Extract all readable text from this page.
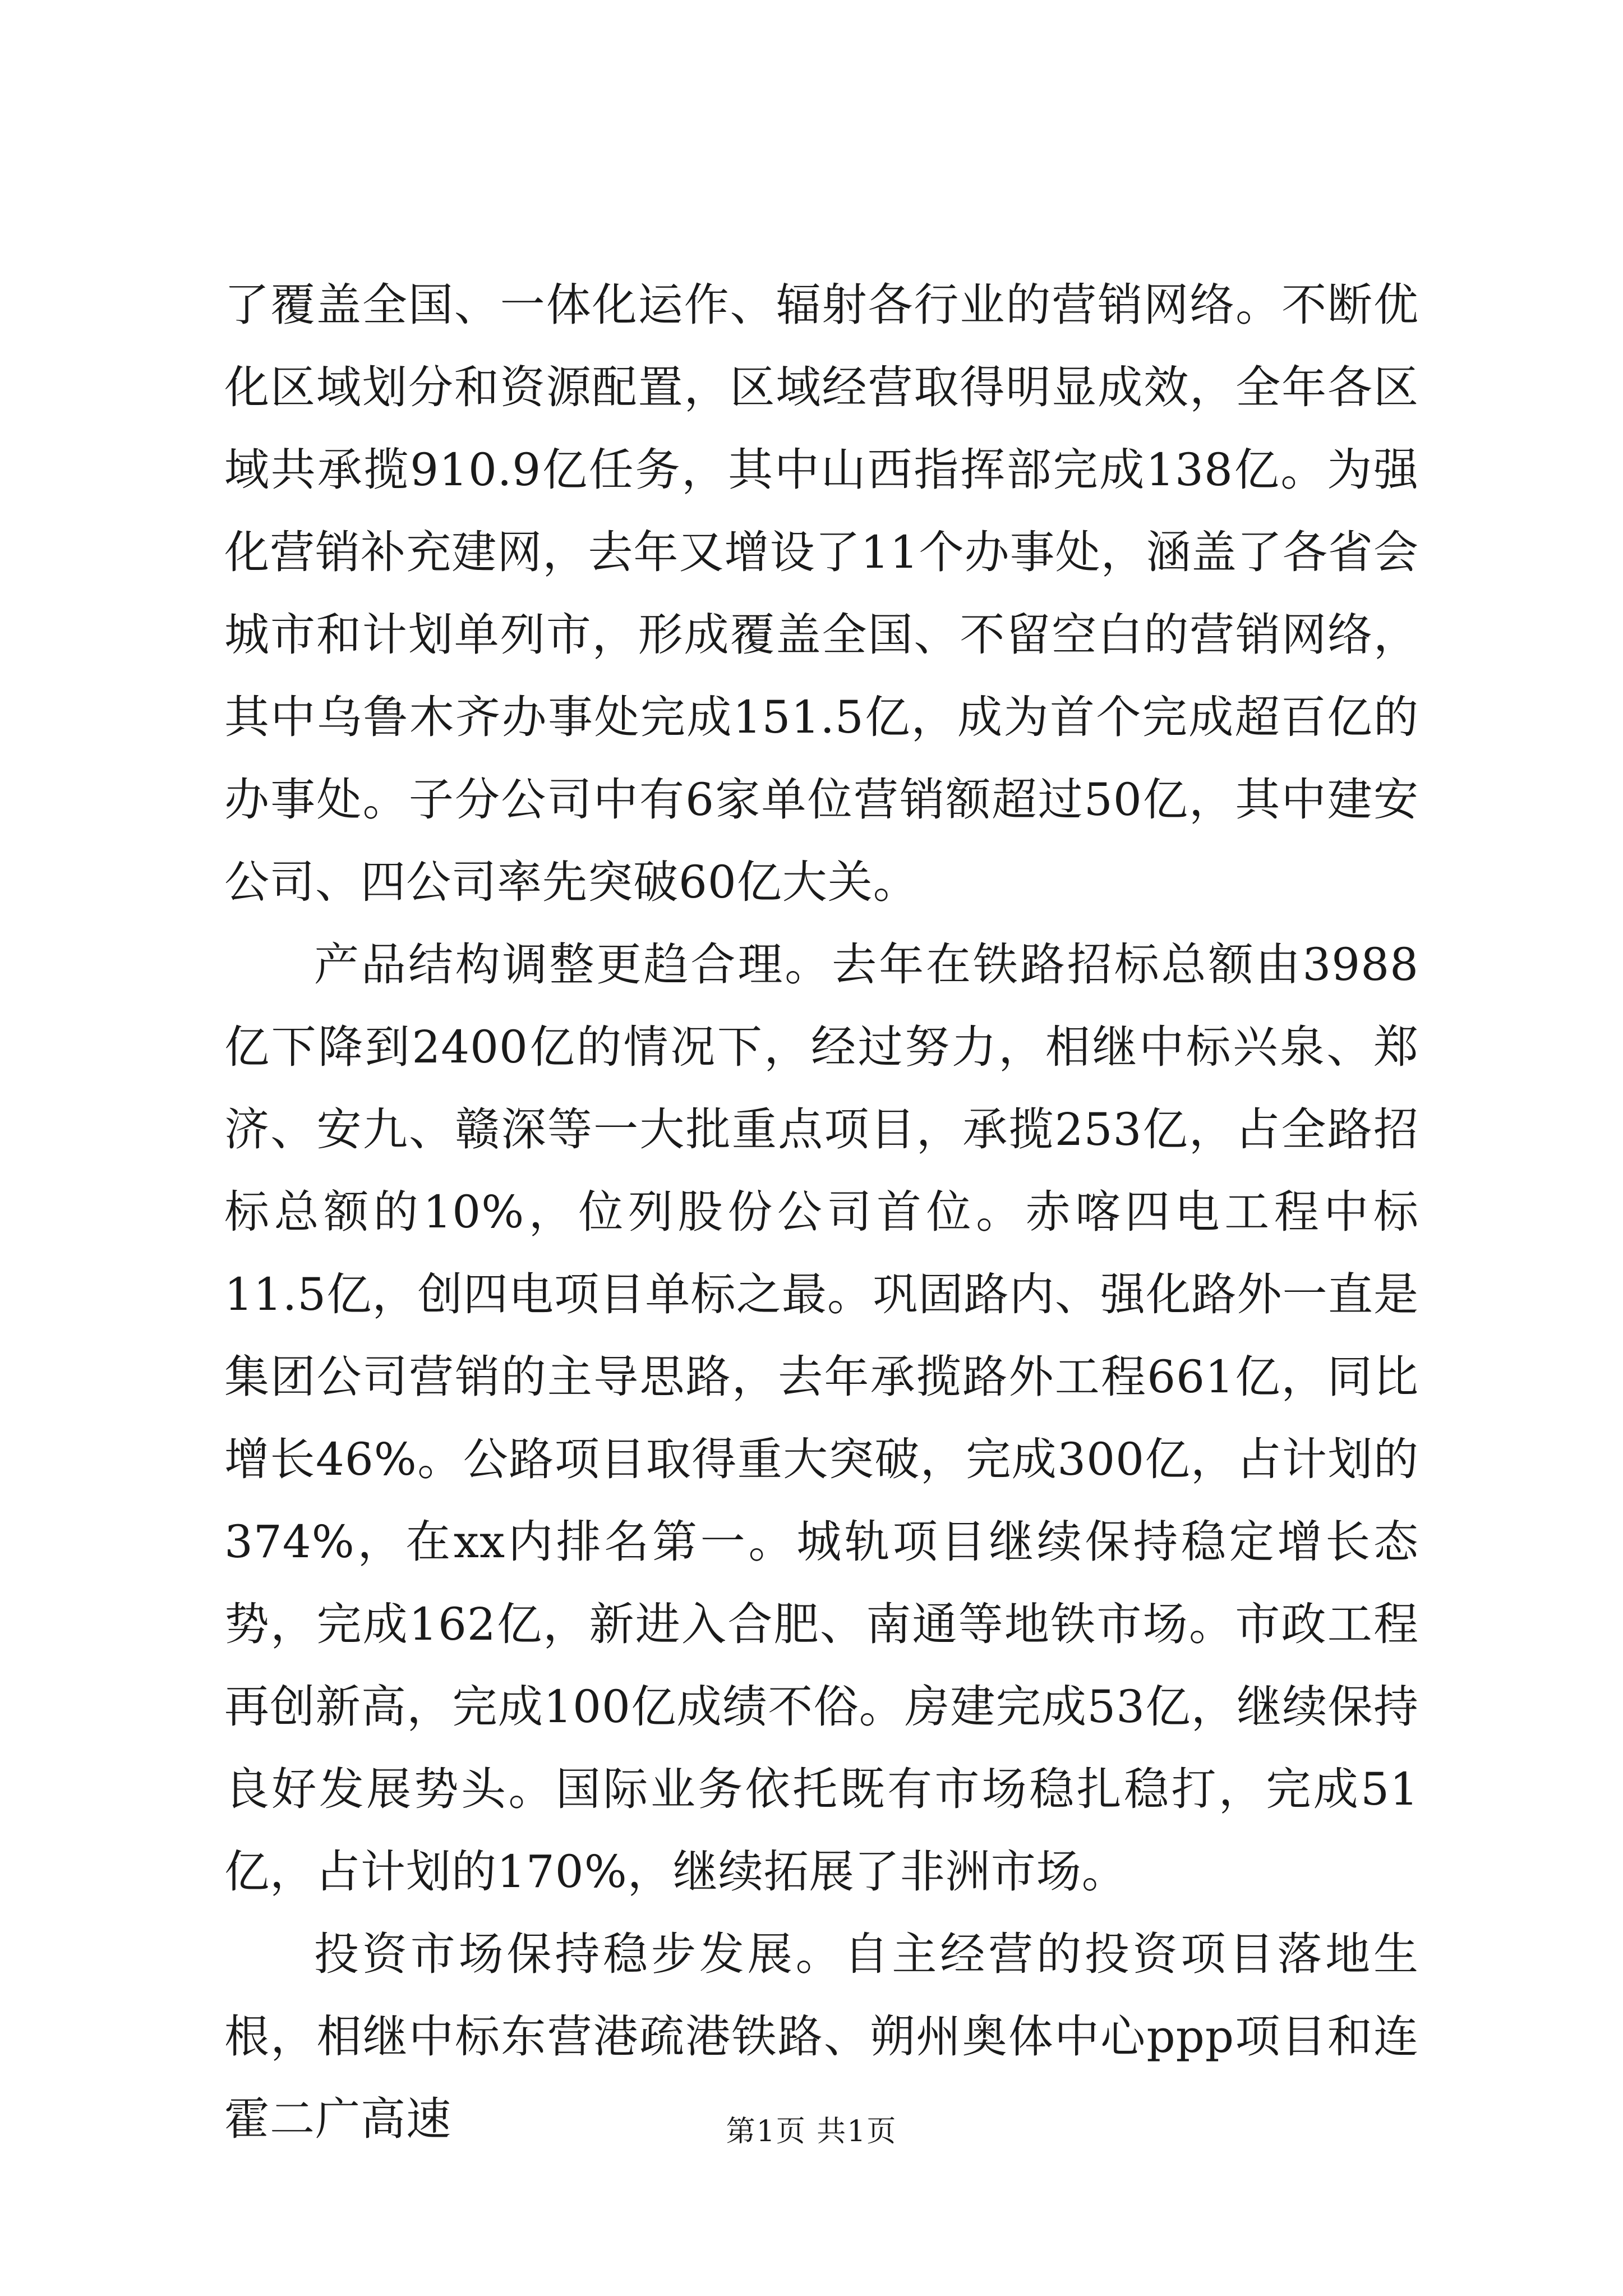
了覆盖全国、一体化运作、辐射各行业的营销网络。不断优化区域划分和资源配置，区域经营取得明显成效，全年各区域共承揽910.9亿任务，其中山西指挥部完成138亿。为强化营销补充建网，去年又增设了11个办事处，涵盖了各省会城市和计划单列市，形成覆盖全国、不留空白的营销网络，其中乌鲁木齐办事处完成151.5亿，成为首个完成超百亿的办事处。子分公司中有6家单位营销额超过50亿，其中建安公司、四公司率先突破60亿大关。

产品结构调整更趋合理。去年在铁路招标总额由3988亿下降到2400亿的情况下，经过努力，相继中标兴泉、郑济、安九、赣深等一大批重点项目，承揽253亿，占全路招标总额的10%，位列股份公司首位。赤喀四电工程中标11.5亿，创四电项目单标之最。巩固路内、强化路外一直是集团公司营销的主导思路，去年承揽路外工程661亿，同比增长46%。公路项目取得重大突破，完成300亿，占计划的374%，在xx内排名第一。城轨项目继续保持稳定增长态势，完成162亿，新进入合肥、南通等地铁市场。市政工程再创新高，完成100亿成绩不俗。房建完成53亿，继续保持良好发展势头。国际业务依托既有市场稳扎稳打，完成51亿，占计划的170%，继续拓展了非洲市场。

投资市场保持稳步发展。自主经营的投资项目落地生根，相继中标东营港疏港铁路、朔州奥体中心ppp项目和连霍二广高速	第1页 共1页
